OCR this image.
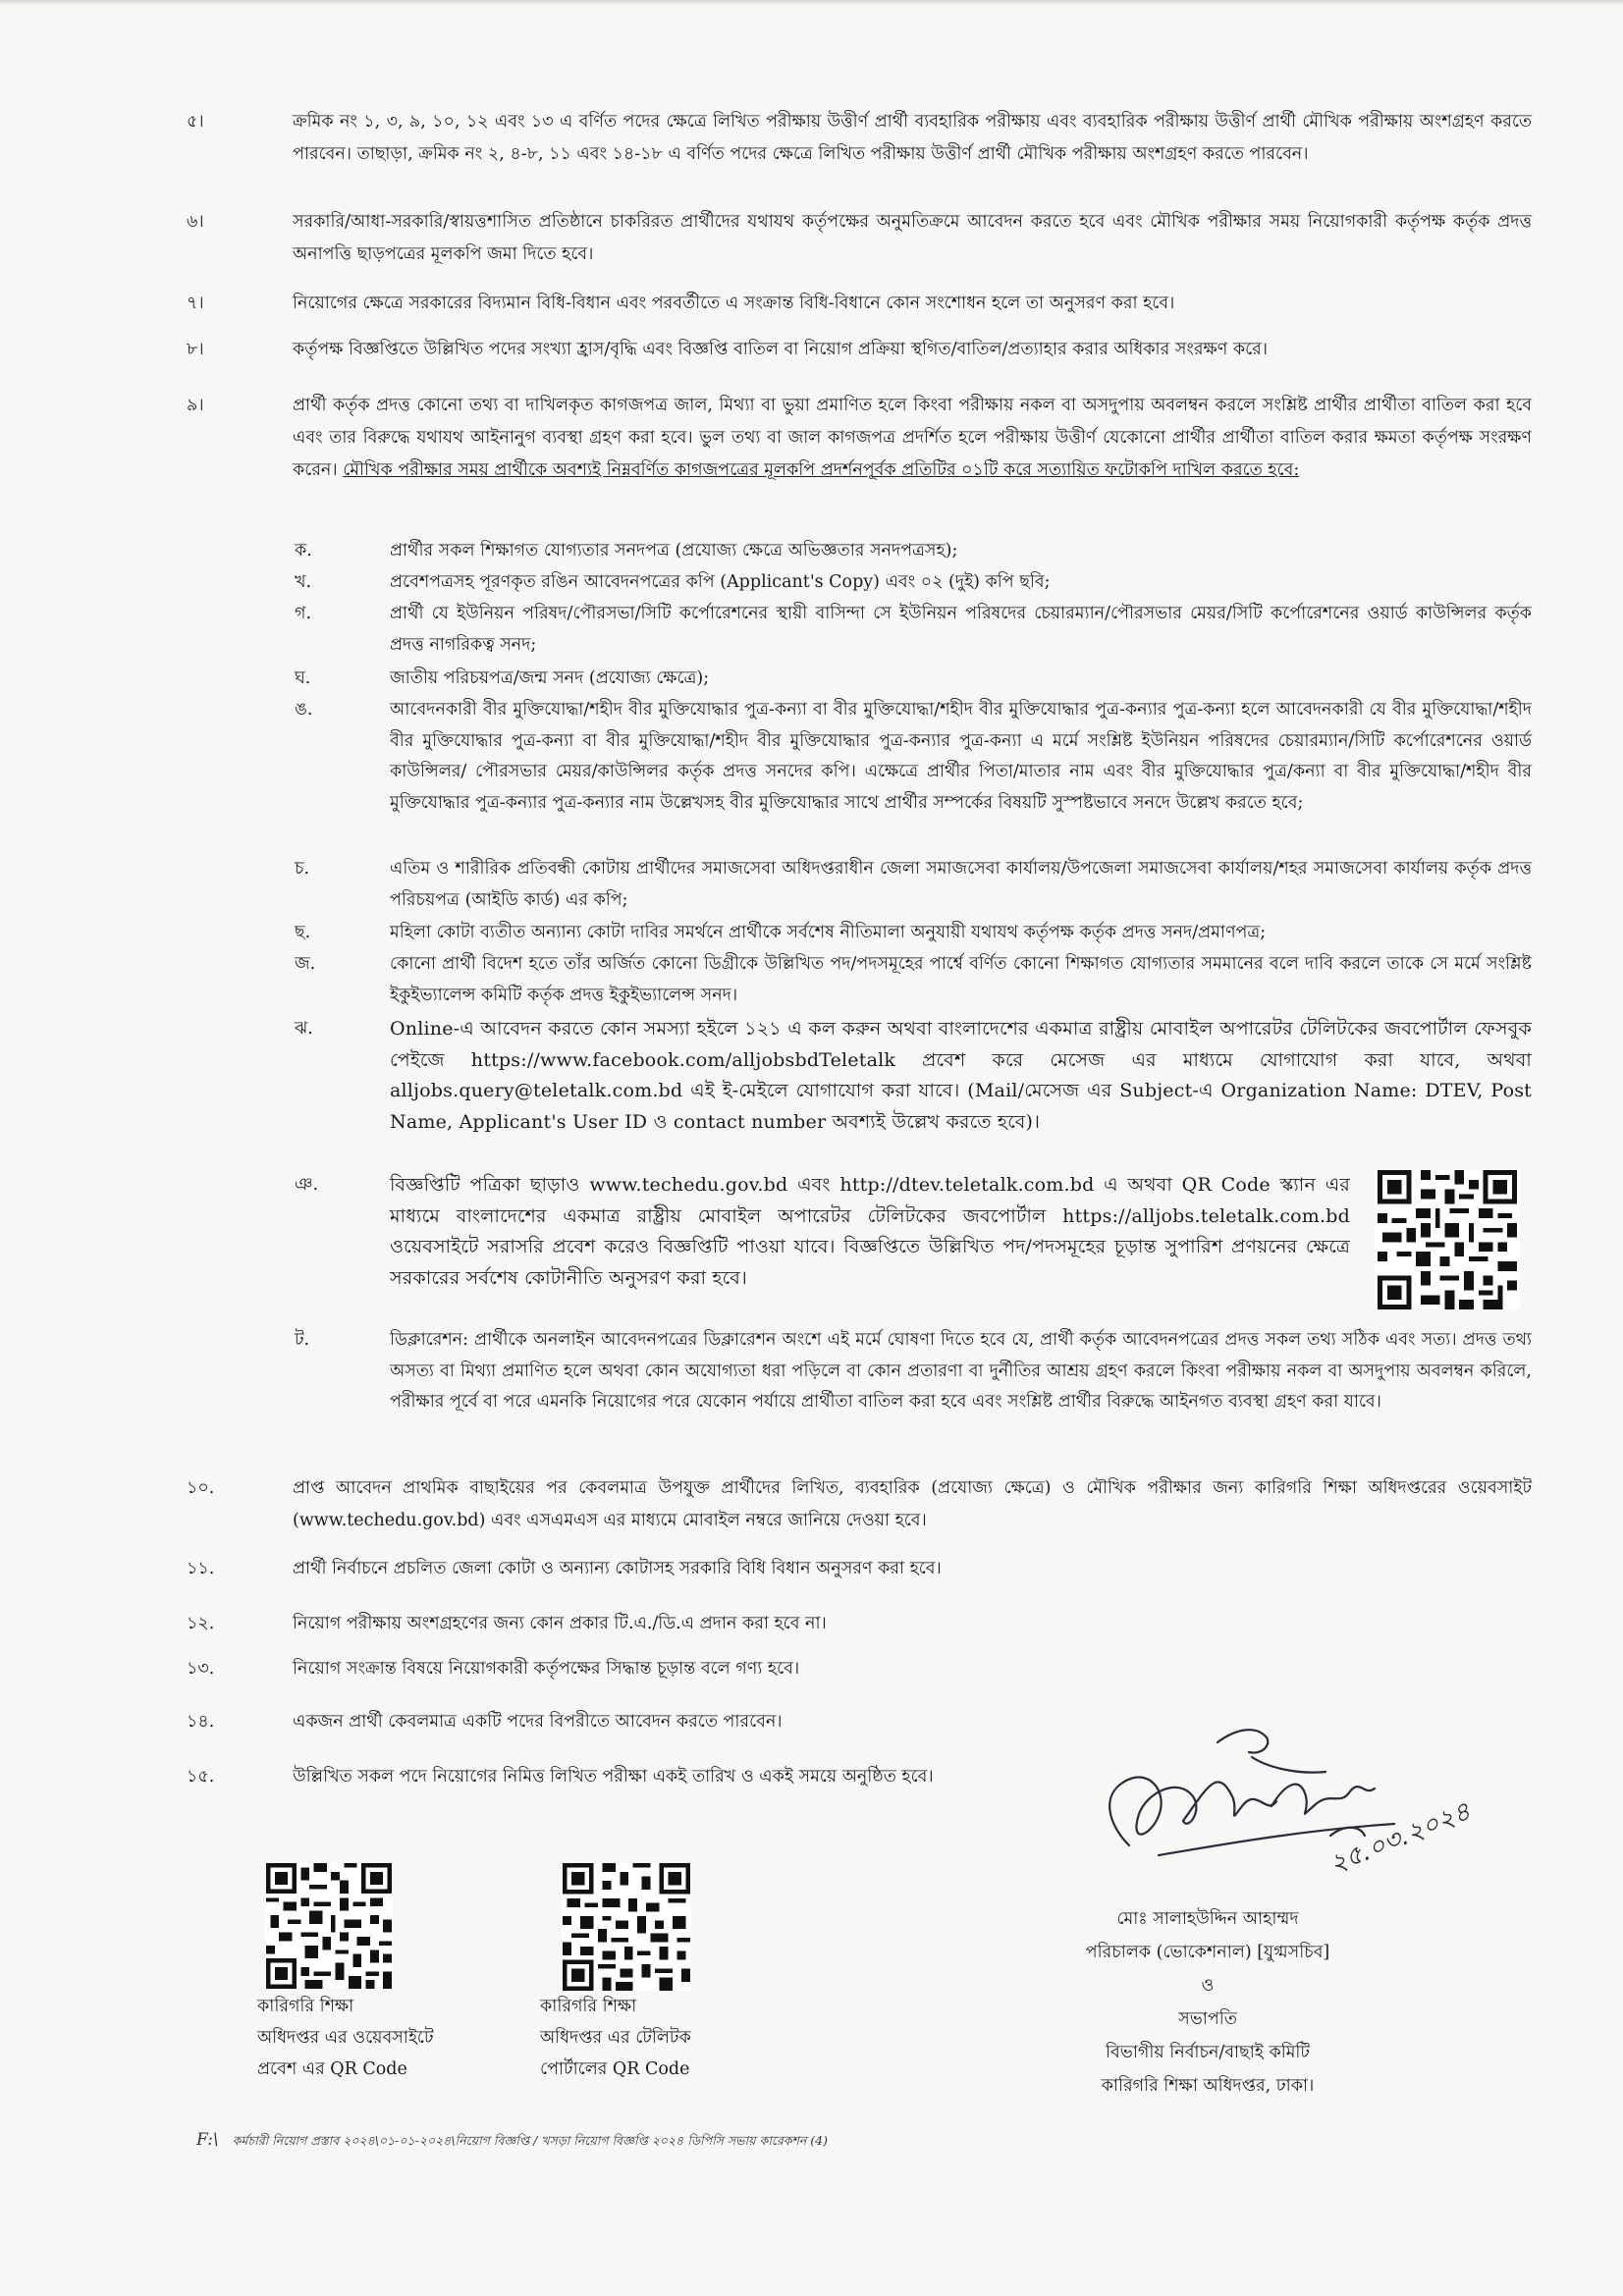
৫।	ক্রমিক নং ১, ৩, ৯, ১০, ১২ এবং ১৩ এ বর্ণিত পদের ক্ষেত্রে লিখিত পরীক্ষায় উত্তীর্ণ প্রার্থী ব্যবহারিক পরীক্ষায় এবং ব্যবহারিক পরীক্ষায় উত্তীর্ণ প্রার্থী মৌখিক পরীক্ষায় অংশগ্রহণ করতে পারবেন। তাছাড়া, ক্রমিক নং ২, ৪-৮, ১১ এবং ১৪-১৮ এ বর্ণিত পদের ক্ষেত্রে লিখিত পরীক্ষায় উত্তীর্ণ প্রার্থী মৌখিক পরীক্ষায় অংশগ্রহণ করতে পারবেন।
৬।	সরকারি/আধা-সরকারি/স্বায়ত্তশাসিত প্রতিষ্ঠানে চাকরিরত প্রার্থীদের যথাযথ কর্তৃপক্ষের অনুমতিক্রমে আবেদন করতে হবে এবং মৌখিক পরীক্ষার সময় নিয়োগকারী কর্তৃপক্ষ কর্তৃক প্রদত্ত অনাপত্তি ছাড়পত্রের মূলকপি জমা দিতে হবে।
৭।	নিয়োগের ক্ষেত্রে সরকারের বিদ্যমান বিধি-বিধান এবং পরবর্তীতে এ সংক্রান্ত বিধি-বিধানে কোন সংশোধন হলে তা অনুসরণ করা হবে।
৮।	কর্তৃপক্ষ বিজ্ঞপ্তিতে উল্লিখিত পদের সংখ্যা হ্রাস/বৃদ্ধি এবং বিজ্ঞপ্তি বাতিল বা নিয়োগ প্রক্রিয়া স্থগিত/বাতিল/প্রত্যাহার করার অধিকার সংরক্ষণ করে।
৯।	প্রার্থী কর্তৃক প্রদত্ত কোনো তথ্য বা দাখিলকৃত কাগজপত্র জাল, মিথ্যা বা ভুয়া প্রমাণিত হলে কিংবা পরীক্ষায় নকল বা অসদুপায় অবলম্বন করলে সংশ্লিষ্ট প্রার্থীর প্রার্থীতা বাতিল করা হবে এবং তার বিরুদ্ধে যথাযথ আইনানুগ ব্যবস্থা গ্রহণ করা হবে। ভুল তথ্য বা জাল কাগজপত্র প্রদর্শিত হলে পরীক্ষায় উত্তীর্ণ যেকোনো প্রার্থীর প্রার্থীতা বাতিল করার ক্ষমতা কর্তৃপক্ষ সংরক্ষণ করেন। মৌখিক পরীক্ষার সময় প্রার্থীকে অবশ্যই নিম্নবর্ণিত কাগজপত্রের মূলকপি প্রদর্শনপূর্বক প্রতিটির ০১টি করে সত্যায়িত ফটোকপি দাখিল করতে হবে:
ক.	প্রার্থীর সকল শিক্ষাগত যোগ্যতার সনদপত্র (প্রযোজ্য ক্ষেত্রে অভিজ্ঞতার সনদপত্রসহ);
খ.	প্রবেশপত্রসহ পূরণকৃত রঙিন আবেদনপত্রের কপি (Applicant's Copy) এবং ০২ (দুই) কপি ছবি;
গ.	প্রার্থী যে ইউনিয়ন পরিষদ/পৌরসভা/সিটি কর্পোরেশনের স্থায়ী বাসিন্দা সে ইউনিয়ন পরিষদের চেয়ারম্যান/পৌরসভার মেয়র/সিটি কর্পোরেশনের ওয়ার্ড কাউন্সিলর কর্তৃক প্রদত্ত নাগরিকত্ব সনদ;
ঘ.	জাতীয় পরিচয়পত্র/জন্ম সনদ (প্রযোজ্য ক্ষেত্রে);
ঙ.	আবেদনকারী বীর মুক্তিযোদ্ধা/শহীদ বীর মুক্তিযোদ্ধার পুত্র-কন্যা বা বীর মুক্তিযোদ্ধা/শহীদ বীর মুক্তিযোদ্ধার পুত্র-কন্যার পুত্র-কন্যা হলে আবেদনকারী যে বীর মুক্তিযোদ্ধা/শহীদ বীর মুক্তিযোদ্ধার পুত্র-কন্যা বা বীর মুক্তিযোদ্ধা/শহীদ বীর মুক্তিযোদ্ধার পুত্র-কন্যার পুত্র-কন্যা এ মর্মে সংশ্লিষ্ট ইউনিয়ন পরিষদের চেয়ারম্যান/সিটি কর্পোরেশনের ওয়ার্ড কাউন্সিলর/ পৌরসভার মেয়র/কাউন্সিলর কর্তৃক প্রদত্ত সনদের কপি। এক্ষেত্রে প্রার্থীর পিতা/মাতার নাম এবং বীর মুক্তিযোদ্ধার পুত্র/কন্যা বা বীর মুক্তিযোদ্ধা/শহীদ বীর মুক্তিযোদ্ধার পুত্র-কন্যার পুত্র-কন্যার নাম উল্লেখসহ বীর মুক্তিযোদ্ধার সাথে প্রার্থীর সম্পর্কের বিষয়টি সুস্পষ্টভাবে সনদে উল্লেখ করতে হবে;
চ.	এতিম ও শারীরিক প্রতিবন্ধী কোটায় প্রার্থীদের সমাজসেবা অধিদপ্তরাধীন জেলা সমাজসেবা কার্যালয়/উপজেলা সমাজসেবা কার্যালয়/শহর সমাজসেবা কার্যালয় কর্তৃক প্রদত্ত পরিচয়পত্র (আইডি কার্ড) এর কপি;
ছ.	মহিলা কোটা ব্যতীত অন্যান্য কোটা দাবির সমর্থনে প্রার্থীকে সর্বশেষ নীতিমালা অনুযায়ী যথাযথ কর্তৃপক্ষ কর্তৃক প্রদত্ত সনদ/প্রমাণপত্র;
জ.	কোনো প্রার্থী বিদেশ হতে তাঁর অর্জিত কোনো ডিগ্রীকে উল্লিখিত পদ/পদসমূহের পার্শ্বে বর্ণিত কোনো শিক্ষাগত যোগ্যতার সমমানের বলে দাবি করলে তাকে সে মর্মে সংশ্লিষ্ট ইকুইভ্যালেন্স কমিটি কর্তৃক প্রদত্ত ইকুইভ্যালেন্স সনদ।
ঝ.	Online-এ আবেদন করতে কোন সমস্যা হইলে ১২১ এ কল করুন অথবা বাংলাদেশের একমাত্র রাষ্ট্রীয় মোবাইল অপারেটর টেলিটকের জবপোর্টাল ফেসবুক পেইজে https://www.facebook.com/alljobsbdTeletalk প্রবেশ করে মেসেজ এর মাধ্যমে যোগাযোগ করা যাবে, অথবা alljobs.query@teletalk.com.bd এই ই-মেইলে যোগাযোগ করা যাবে। (Mail/মেসেজ এর Subject-এ Organization Name: DTEV, Post Name, Applicant's User ID ও contact number অবশ্যই উল্লেখ করতে হবে)।
ঞ.	বিজ্ঞপ্তিটি পত্রিকা ছাড়াও www.techedu.gov.bd এবং http://dtev.teletalk.com.bd এ অথবা QR Code স্ক্যান এর মাধ্যমে বাংলাদেশের একমাত্র রাষ্ট্রীয় মোবাইল অপারেটর টেলিটকের জবপোর্টাল https://alljobs.teletalk.com.bd ওয়েবসাইটে সরাসরি প্রবেশ করেও বিজ্ঞপ্তিটি পাওয়া যাবে। বিজ্ঞপ্তিতে উল্লিখিত পদ/পদসমূহের চূড়ান্ত সুপারিশ প্রণয়নের ক্ষেত্রে সরকারের সর্বশেষ কোটানীতি অনুসরণ করা হবে।
ট.	ডিক্লারেশন: প্রার্থীকে অনলাইন আবেদনপত্রের ডিক্লারেশন অংশে এই মর্মে ঘোষণা দিতে হবে যে, প্রার্থী কর্তৃক আবেদনপত্রের প্রদত্ত সকল তথ্য সঠিক এবং সত্য। প্রদত্ত তথ্য অসত্য বা মিথ্যা প্রমাণিত হলে অথবা কোন অযোগ্যতা ধরা পড়িলে বা কোন প্রতারণা বা দুর্নীতির আশ্রয় গ্রহণ করলে কিংবা পরীক্ষায় নকল বা অসদুপায় অবলম্বন করিলে, পরীক্ষার পূর্বে বা পরে এমনকি নিয়োগের পরে যেকোন পর্যায়ে প্রার্থীতা বাতিল করা হবে এবং সংশ্লিষ্ট প্রার্থীর বিরুদ্ধে আইনগত ব্যবস্থা গ্রহণ করা যাবে।
১০.	প্রাপ্ত আবেদন প্রাথমিক বাছাইয়ের পর কেবলমাত্র উপযুক্ত প্রার্থীদের লিখিত, ব্যবহারিক (প্রযোজ্য ক্ষেত্রে) ও মৌখিক পরীক্ষার জন্য কারিগরি শিক্ষা অধিদপ্তরের ওয়েবসাইট (www.techedu.gov.bd) এবং এসএমএস এর মাধ্যমে মোবাইল নম্বরে জানিয়ে দেওয়া হবে।
১১.	প্রার্থী নির্বাচনে প্রচলিত জেলা কোটা ও অন্যান্য কোটাসহ সরকারি বিধি বিধান অনুসরণ করা হবে।
১২.	নিয়োগ পরীক্ষায় অংশগ্রহণের জন্য কোন প্রকার টি.এ./ডি.এ প্রদান করা হবে না।
১৩.	নিয়োগ সংক্রান্ত বিষয়ে নিয়োগকারী কর্তৃপক্ষের সিদ্ধান্ত চূড়ান্ত বলে গণ্য হবে।
১৪.	একজন প্রার্থী কেবলমাত্র একটি পদের বিপরীতে আবেদন করতে পারবেন।
১৫.	উল্লিখিত সকল পদে নিয়োগের নিমিত্ত লিখিত পরীক্ষা একই তারিখ ও একই সময়ে অনুষ্ঠিত হবে।
কারিগরি শিক্ষা
অধিদপ্তর এর ওয়েবসাইটে
প্রবেশ এর QR Code
কারিগরি শিক্ষা
অধিদপ্তর এর টেলিটক
পোর্টালের QR Code
২৫.০৩.২০২৪
মোঃ সালাহউদ্দিন আহাম্মদ
পরিচালক (ভোকেশনাল) [যুগ্মসচিব]
ও
সভাপতি
বিভাগীয় নির্বাচন/বাছাই কমিটি
কারিগরি শিক্ষা অধিদপ্তর, ঢাকা।
F:\ কর্মচারী নিয়োগ প্রস্তাব ২০২৪\০১-০১-২০২৪\নিয়োগ বিজ্ঞপ্তি / খসড়া নিয়োগ বিজ্ঞপ্তি ২০২৪ ডিপিসি সভায় কারেকশন (4)
